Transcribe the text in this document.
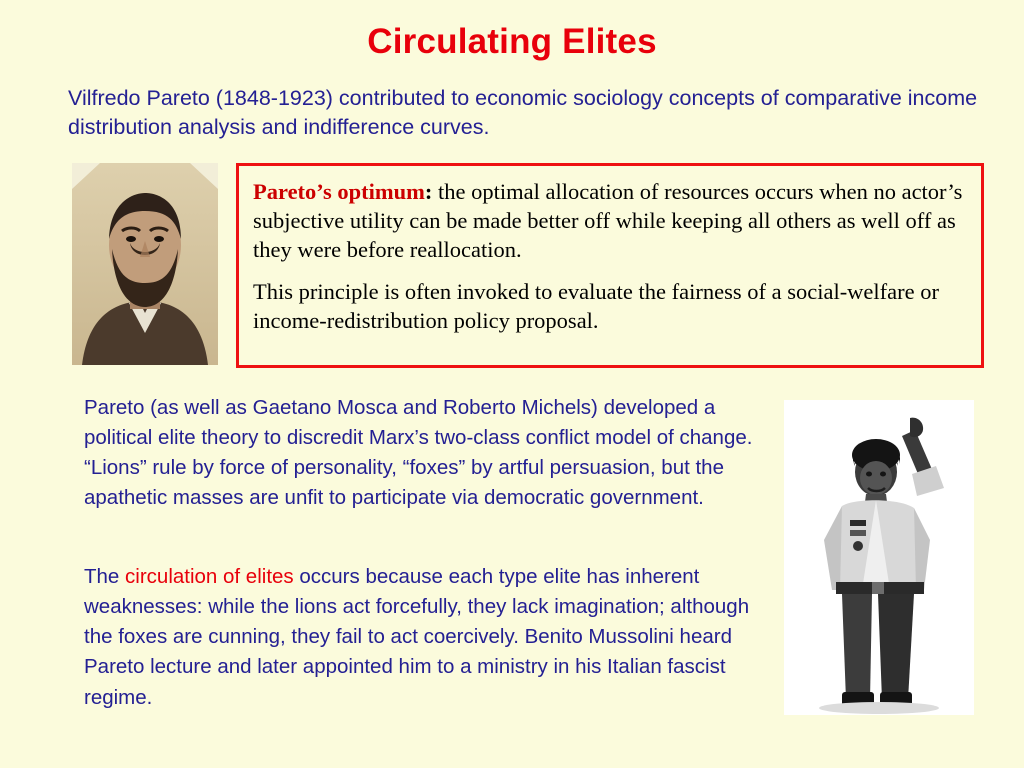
Circulating Elites
Vilfredo Pareto (1848-1923) contributed to economic sociology concepts of comparative income distribution analysis and indifference curves.

Pareto’s optimum: the optimal allocation of resources occurs when no actor’s subjective utility can be made better off while keeping all others as well off as they were before reallocation.

This principle is often invoked to evaluate the fairness of a social-welfare or income-redistribution policy proposal.

Pareto (as well as Gaetano Mosca and Roberto Michels) developed a political elite theory to discredit Marx’s two-class conflict model of change. “Lions” rule by force of personality, “foxes” by artful persuasion, but the apathetic masses are unfit to participate via democratic government.
The circulation of elites occurs because each type elite has inherent weaknesses: while the lions act forcefully, they lack imagination; although the foxes are cunning, they fail to act coercively. Benito Mussolini heard Pareto lecture and later appointed him to a ministry in his Italian fascist regime.
